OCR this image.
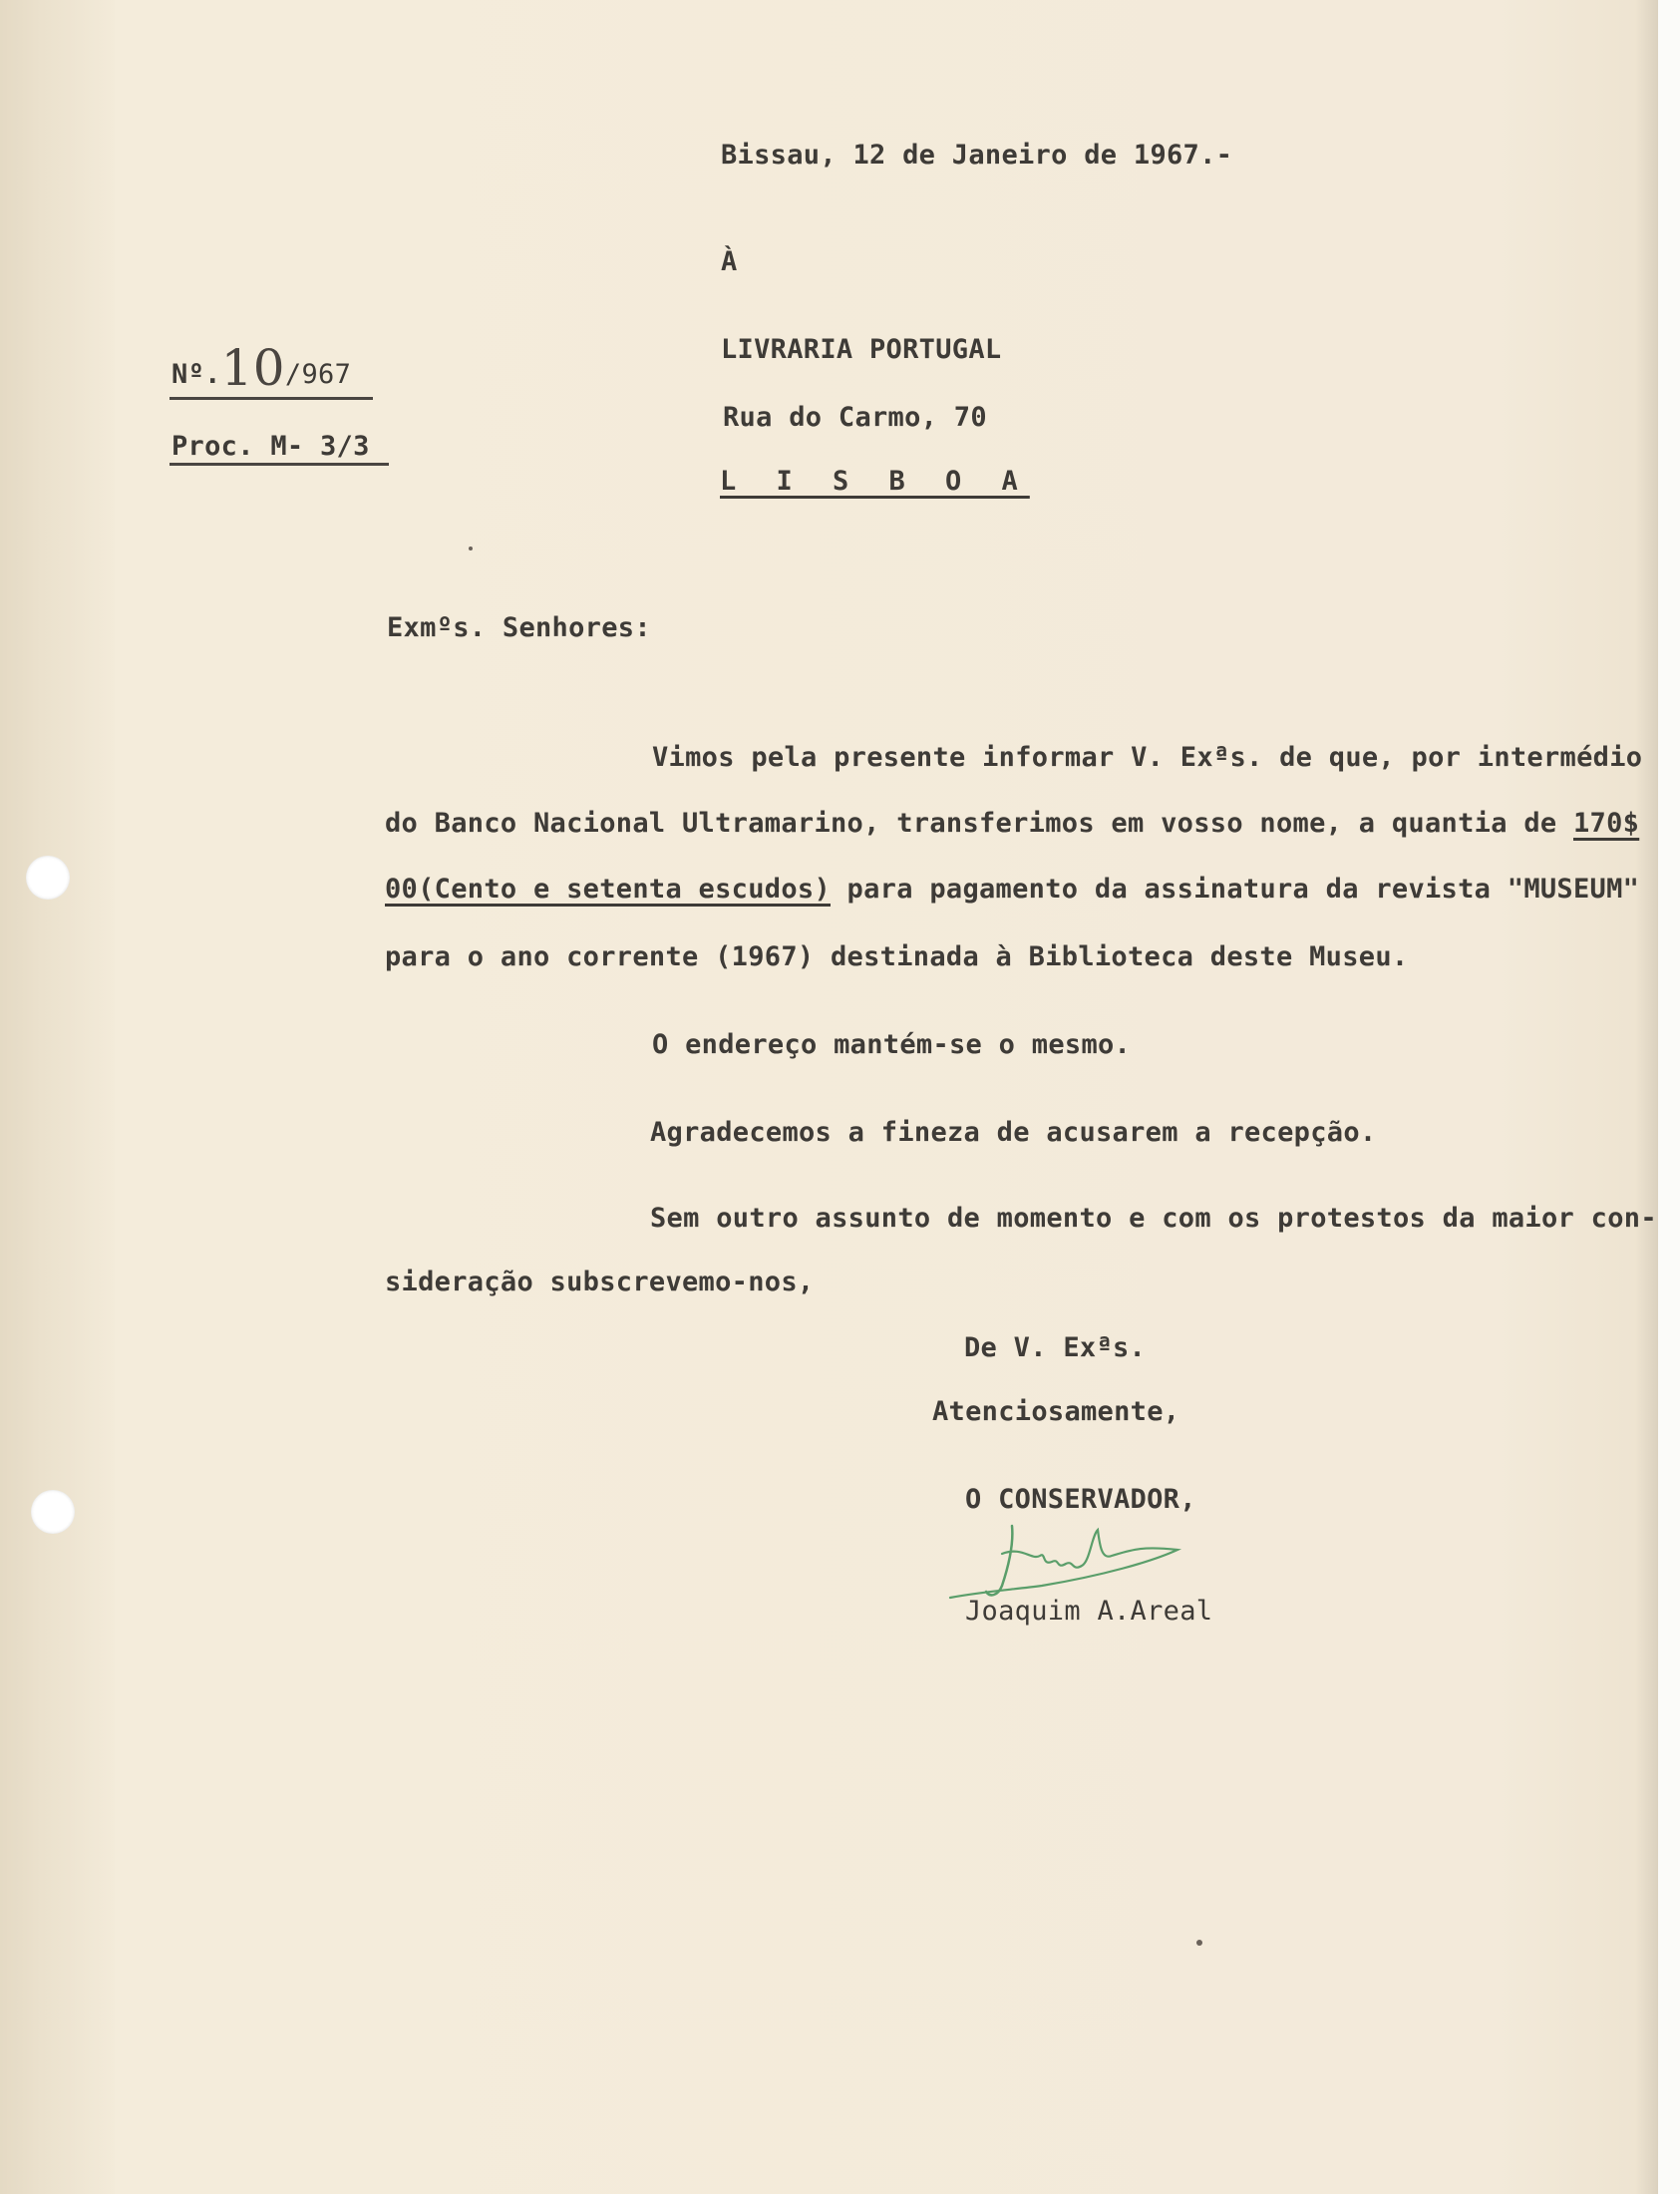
Bissau, 12 de Janeiro de 1967.-
À
LIVRARIA PORTUGAL
Rua do Carmo, 70
L I S B O A
Nº.10/967
Proc. M- 3/3
Exmºs. Senhores:
Vimos pela presente informar V. Exªs. de que, por intermédio
do Banco Nacional Ultramarino, transferimos em vosso nome, a quantia de 170$
00(Cento e setenta escudos) para pagamento da assinatura da revista "MUSEUM"
para o ano corrente (1967) destinada à Biblioteca deste Museu.
O endereço mantém-se o mesmo.
Agradecemos a fineza de acusarem a recepção.
Sem outro assunto de momento e com os protestos da maior con-
sideração subscrevemo-nos,
De V. Exªs.
Atenciosamente,
O CONSERVADOR,
Joaquim A.Areal
